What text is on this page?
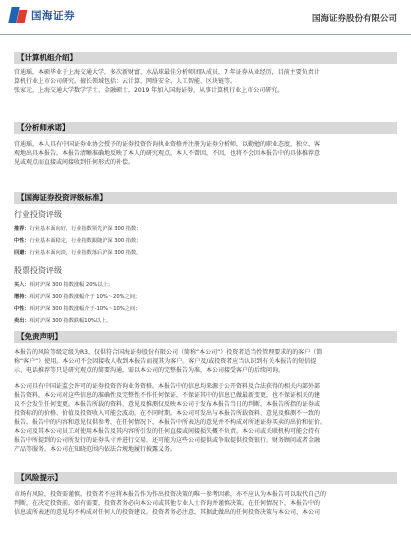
国海证券	国海证券股份有限公司
【计算机组介绍】
宫迪瑶，本硕毕业于上海交通大学，多次新财富、水晶球最佳分析师团队成员，7 年证券从业经历，目前主要负责计
算机行业上市公司研究。擅长领域包括：云计算、网络安全、人工智能、区块链等。
张家元，上海交通大学数学学士、金融硕士，2019 年加入国海证券，从事计算机行业上市公司研究。
【分析师承诺】
宫迪瑶，本人具有中国证券业协会授予的证券投资咨询执业资格并注册为证券分析师，以勤勉的职业态度，独立、客
观地出具本报告。本报告清晰准确地反映了本人的研究观点。本人不曾因，不因，也将不会因本报告中的具体推荐意
见或观点而直接或间接收到任何形式的补偿。
【国海证券投资评级标准】
行业投资评级
推荐：行业基本面向好，行业指数领先沪深 300 指数；
中性：行业基本面稳定，行业指数跟随沪深 300 指数；
回避：行业基本面向淡，行业指数落后沪深 300 指数。
股票投资评级
买入：相对沪深 300 指数涨幅 20%以上；
增持：相对沪深 300 指数涨幅介于 10%～20%之间；
中性：相对沪深 300 指数涨幅介于-10%～10%之间；
卖出：相对沪深 300 指数跌幅10%以上。
【免责声明】
本报告的风险等级定级为R3，仅供符合国海证券股份有限公司（简称“本公司”）投资者适当性管理要求的的客户（简
称“客户”）使用。本公司不会因接收人收到本报告而视其为客户。客户及/或投资者应当认识到有关本报告的短信提
示、电话推荐等只是研究观点的简要沟通，需以本公司的完整报告为准，本公司接受客户的后续问询。
本公司具有中国证监会许可的证券投资咨询业务资格。本报告中的信息均来源于公开资料及合法获得的相关内部外部
报告资料，本公司对这些信息的准确性及完整性不作任何保证，不保证其中的信息已做最新变更，也不保证相关的建
议不会发生任何变更。本报告所载的资料、意见及推测仅反映本公司于发布本报告当日的判断，本报告所指的证券或
投资标的的价格、价值及投资收入可能会波动。在不同时期，本公司可发出与本报告所载资料、意见及推测不一致的
报告。报告中的内容和意见仅供参考，在任何情况下，本报告中所表达的意见并不构成对所述证券买卖的出价和征价。
本公司及其本公司员工对使用本报告及其内容所引发的任何直接或间接损失概不负责。本公司或关联机构可能会持有
报告中所提到的公司所发行的证券头寸并进行交易，还可能为这些公司提供或争取提供投资银行、财务顾问或者金融
产品等服务。本公司在知晓范围内依法合规地履行披露义务。
【风险提示】
市场有风险，投资需谨慎。投资者不应将本报告作为作出投资决策的唯一参考因素，亦不应认为本报告可以取代自己的
判断。在决定投资前，如有需要，投资者务必向本公司或其他专业人士咨询并谨慎决策。在任何情况下，本报告中的
信息或所表述的意见均不构成对任何人的投资建议。投资者务必注意，其据此做出的任何投资决策与本公司、本公司
